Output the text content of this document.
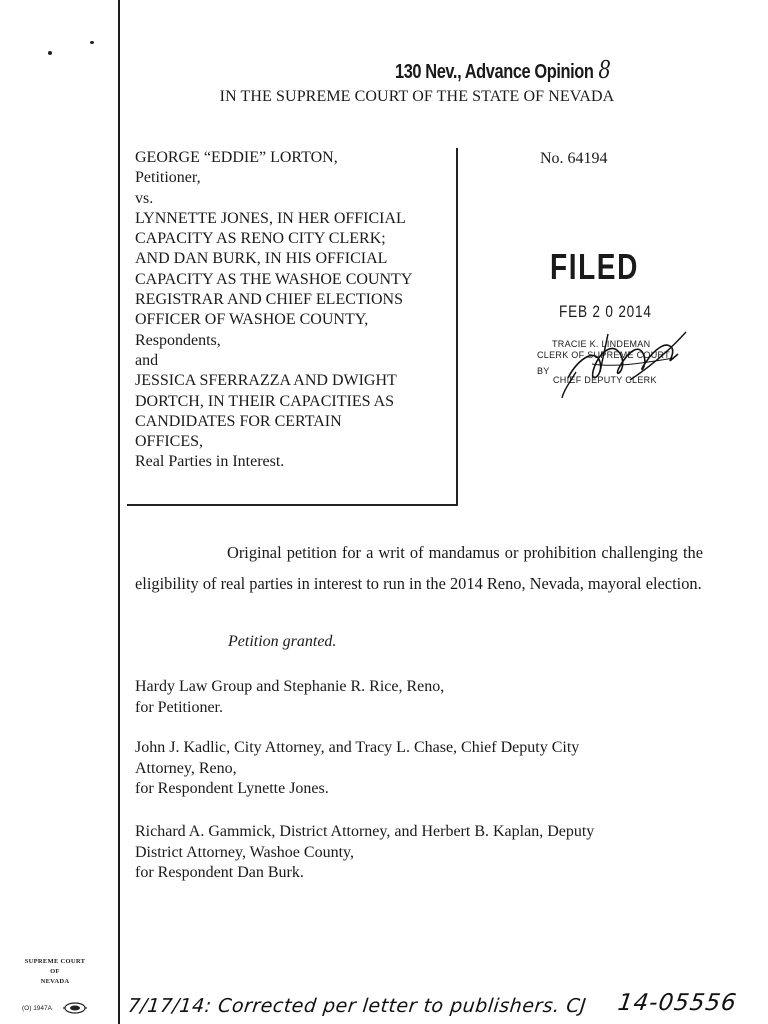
130 Nev., Advance Opinion 8
IN THE SUPREME COURT OF THE STATE OF NEVADA
GEORGE “EDDIE” LORTON,
Petitioner,
vs.
LYNNETTE JONES, IN HER OFFICIAL
CAPACITY AS RENO CITY CLERK;
AND DAN BURK, IN HIS OFFICIAL
CAPACITY AS THE WASHOE COUNTY
REGISTRAR AND CHIEF ELECTIONS
OFFICER OF WASHOE COUNTY,
Respondents,
and
JESSICA SFERRAZZA AND DWIGHT
DORTCH, IN THEIR CAPACITIES AS
CANDIDATES FOR CERTAIN
OFFICES,
Real Parties in Interest.
No. 64194
FILED
FEB 2 0 2014
TRACIE K. LINDEMAN
CLERK OF SUPREME COURT
BY
CHIEF DEPUTY CLERK
Original petition for a writ of mandamus or prohibition challenging the eligibility of real parties in interest to run in the 2014 Reno, Nevada, mayoral election.
Petition granted.
Hardy Law Group and Stephanie R. Rice, Reno,
for Petitioner.
John J. Kadlic, City Attorney, and Tracy L. Chase, Chief Deputy City
Attorney, Reno,
for Respondent Lynette Jones.
Richard A. Gammick, District Attorney, and Herbert B. Kaplan, Deputy
District Attorney, Washoe County,
for Respondent Dan Burk.
SUPREME COURT
OF
NEVADA
(O) 1947A	7/17/14: Corrected per letter to publishers. CJ 14-05556
